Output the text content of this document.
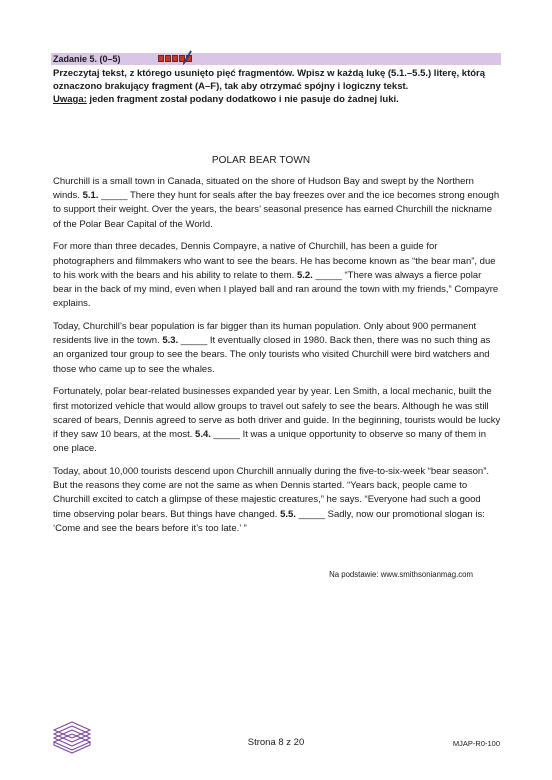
Zadanie 5. (0–5)

Przeczytaj tekst, z którego usunięto pięć fragmentów. Wpisz w każdą lukę (5.1.–5.5.) literę, którą oznaczono brakujący fragment (A–F), tak aby otrzymać spójny i logiczny tekst.

Uwaga: jeden fragment został podany dodatkowo i nie pasuje do żadnej luki.

POLAR BEAR TOWN

Churchill is a small town in Canada, situated on the shore of Hudson Bay and swept by the Northern winds. 5.1. _____ There they hunt for seals after the bay freezes over and the ice becomes strong enough to support their weight. Over the years, the bears’ seasonal presence has earned Churchill the nickname of the Polar Bear Capital of the World.

For more than three decades, Dennis Compayre, a native of Churchill, has been a guide for photographers and filmmakers who want to see the bears. He has become known as “the bear man”, due to his work with the bears and his ability to relate to them. 5.2. _____ “There was always a fierce polar bear in the back of my mind, even when I played ball and ran around the town with my friends,” Compayre explains.

Today, Churchill’s bear population is far bigger than its human population. Only about 900 permanent residents live in the town. 5.3. _____ It eventually closed in 1980. Back then, there was no such thing as an organized tour group to see the bears. The only tourists who visited Churchill were bird watchers and those who came up to see the whales.

Fortunately, polar bear-related businesses expanded year by year. Len Smith, a local mechanic, built the first motorized vehicle that would allow groups to travel out safely to see the bears. Although he was still scared of bears, Dennis agreed to serve as both driver and guide. In the beginning, tourists would be lucky if they saw 10 bears, at the most. 5.4. _____ It was a unique opportunity to observe so many of them in one place.

Today, about 10,000 tourists descend upon Churchill annually during the five-to-six-week “bear season”. But the reasons they come are not the same as when Dennis started. “Years back, people came to Churchill excited to catch a glimpse of these majestic creatures,” he says. “Everyone had such a good time observing polar bears. But things have changed. 5.5. _____ Sadly, now our promotional slogan is: ‘Come and see the bears before it’s too late.’ ”

Na podstawie: www.smithsonianmag.com
Strona 8 z 20	MJAP-R0-100
